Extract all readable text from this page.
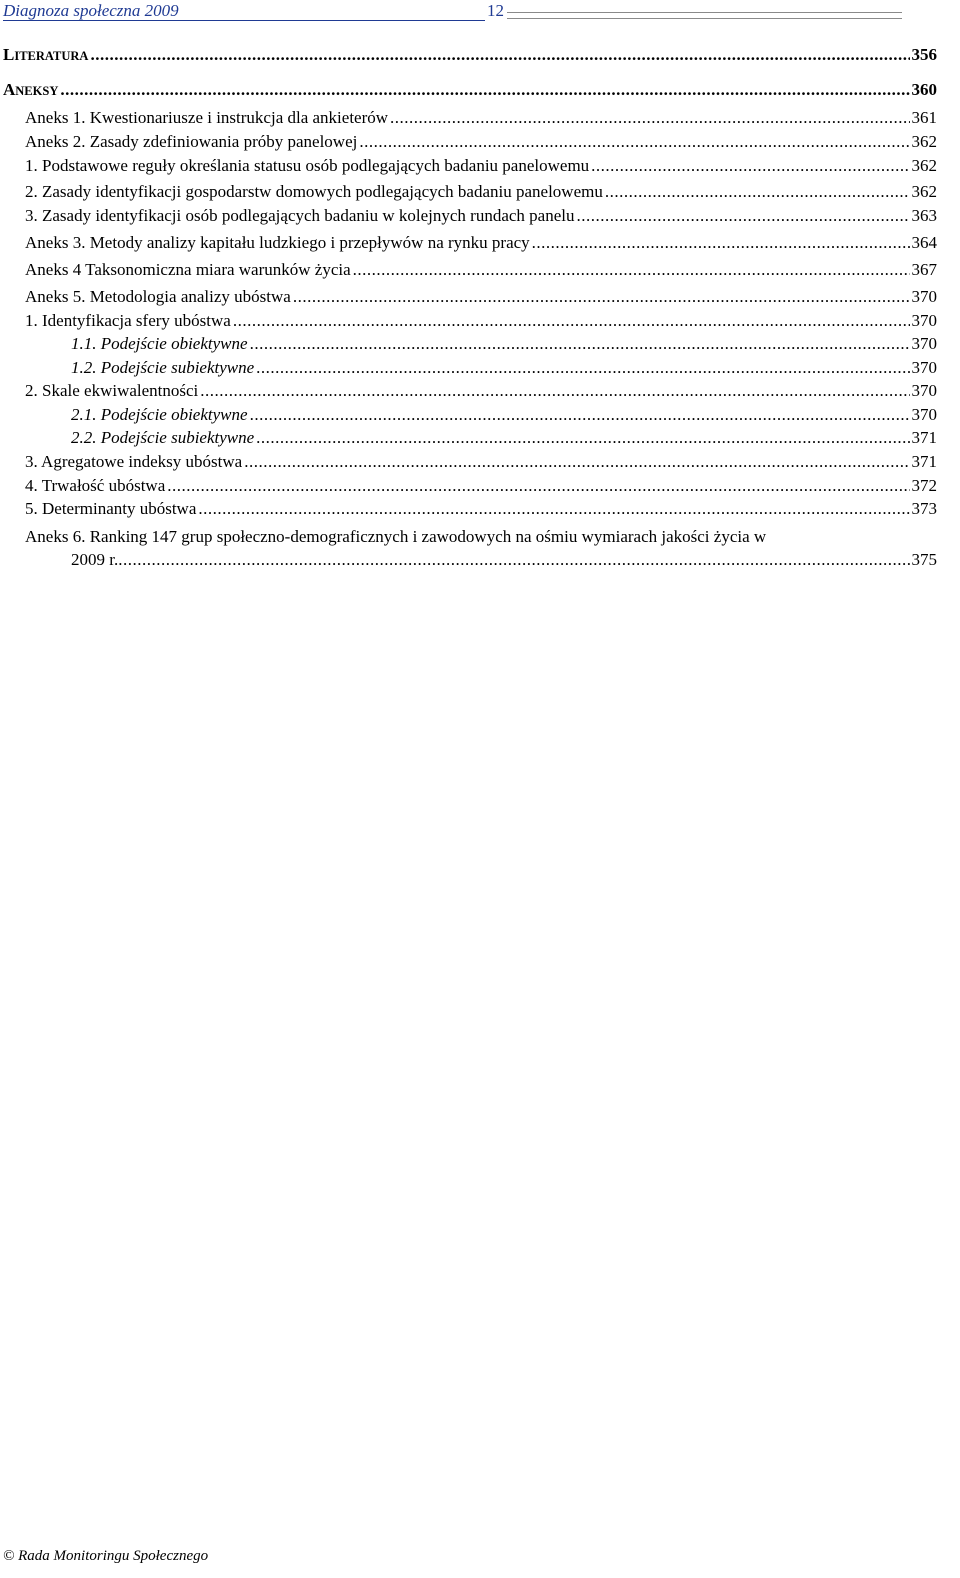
Diagnoza społeczna 2009	12
LITERATURA .....	356
ANEKSY .....	360
Aneks 1. Kwestionariusze i instrukcja dla ankieterów .....	361
Aneks 2. Zasady zdefiniowania próby panelowej .....	362
1. Podstawowe reguły określania statusu osób podlegających badaniu panelowemu .....	362
2. Zasady identyfikacji gospodarstw domowych podlegających badaniu panelowemu .....	362
3. Zasady identyfikacji osób podlegających badaniu w kolejnych rundach panelu .....	363
Aneks 3. Metody analizy kapitału ludzkiego i przepływów na rynku pracy .....	364
Aneks 4 Taksonomiczna miara warunków życia .....	367
Aneks 5. Metodologia analizy ubóstwa .....	370
1. Identyfikacja sfery ubóstwa .....	370
1.1. Podejście obiektywne .....	370
1.2. Podejście subiektywne .....	370
2. Skale ekwiwalentności .....	370
2.1. Podejście obiektywne .....	370
2.2. Podejście subiektywne .....	371
3. Agregatowe indeksy ubóstwa .....	371
4. Trwałość ubóstwa .....	372
5. Determinanty ubóstwa .....	373
Aneks 6. Ranking 147 grup społeczno-demograficznych i zawodowych na ośmiu wymiarach jakości życia w
2009 r. .....	375
© Rada Monitoringu Społecznego
